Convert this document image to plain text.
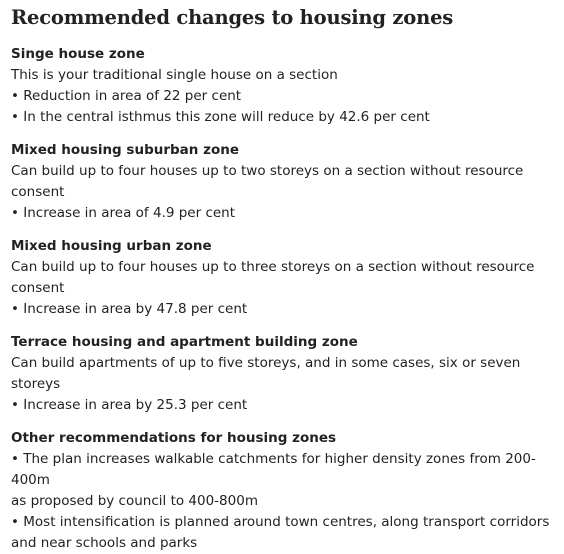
Recommended changes to housing zones
Singe house zone
This is your traditional single house on a section
• Reduction in area of 22 per cent
• In the central isthmus this zone will reduce by 42.6 per cent
Mixed housing suburban zone
Can build up to four houses up to two storeys on a section without resource
consent
• Increase in area of 4.9 per cent
Mixed housing urban zone
Can build up to four houses up to three storeys on a section without resource
consent
• Increase in area by 47.8 per cent
Terrace housing and apartment building zone
Can build apartments of up to five storeys, and in some cases, six or seven storeys
• Increase in area by 25.3 per cent
Other recommendations for housing zones
• The plan increases walkable catchments for higher density zones from 200-400m
as proposed by council to 400-800m
• Most intensification is planned around town centres, along transport corridors
and near schools and parks
